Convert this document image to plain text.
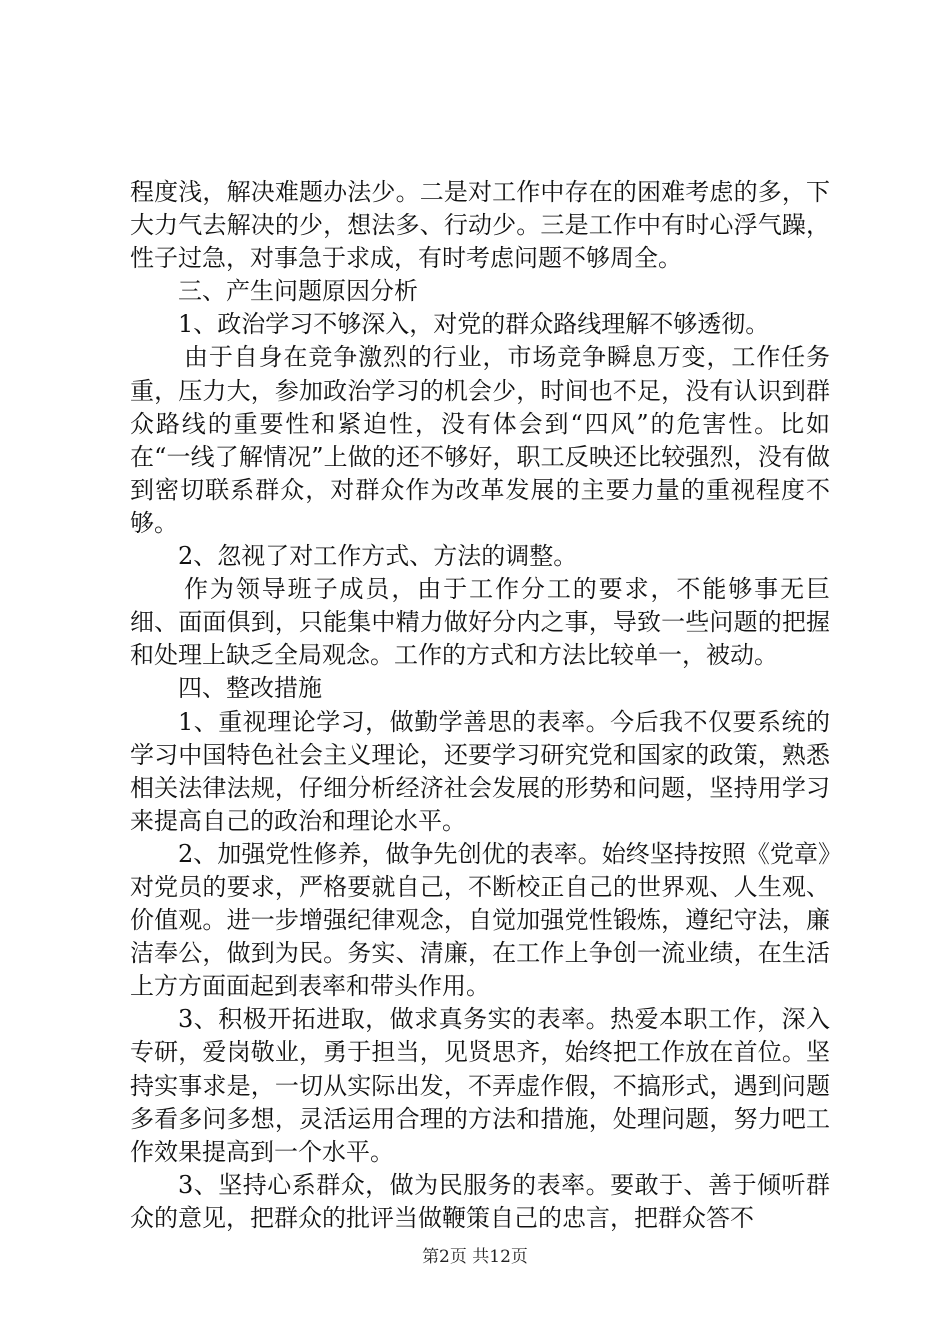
程度浅，解决难题办法少。二是对工作中存在的困难考虑的多，下大力气去解决的少，想法多、行动少。三是工作中有时心浮气躁，性子过急，对事急于求成，有时考虑问题不够周全。

三、产生问题原因分析

1、政治学习不够深入，对党的群众路线理解不够透彻。

由于自身在竞争激烈的行业，市场竞争瞬息万变，工作任务重，压力大，参加政治学习的机会少，时间也不足，没有认识到群众路线的重要性和紧迫性，没有体会到“四风”的危害性。比如在“一线了解情况”上做的还不够好，职工反映还比较强烈，没有做到密切联系群众，对群众作为改革发展的主要力量的重视程度不够。

2、忽视了对工作方式、方法的调整。

作为领导班子成员，由于工作分工的要求，不能够事无巨细、面面俱到，只能集中精力做好分内之事，导致一些问题的把握和处理上缺乏全局观念。工作的方式和方法比较单一，被动。

四、整改措施

1、重视理论学习，做勤学善思的表率。今后我不仅要系统的学习中国特色社会主义理论，还要学习研究党和国家的政策，熟悉相关法律法规，仔细分析经济社会发展的形势和问题，坚持用学习来提高自己的政治和理论水平。

2、加强党性修养，做争先创优的表率。始终坚持按照《党章》对党员的要求，严格要就自己，不断校正自己的世界观、人生观、价值观。进一步增强纪律观念，自觉加强党性锻炼，遵纪守法，廉洁奉公，做到为民。务实、清廉，在工作上争创一流业绩，在生活上方方面面起到表率和带头作用。

3、积极开拓进取，做求真务实的表率。热爱本职工作，深入专研，爱岗敬业，勇于担当，见贤思齐，始终把工作放在首位。坚持实事求是，一切从实际出发，不弄虚作假，不搞形式，遇到问题多看多问多想，灵活运用合理的方法和措施，处理问题，努力吧工作效果提高到一个水平。

3、坚持心系群众，做为民服务的表率。要敢于、善于倾听群众的意见，把群众的批评当做鞭策自己的忠言，把群众答不

第2页 共12页
